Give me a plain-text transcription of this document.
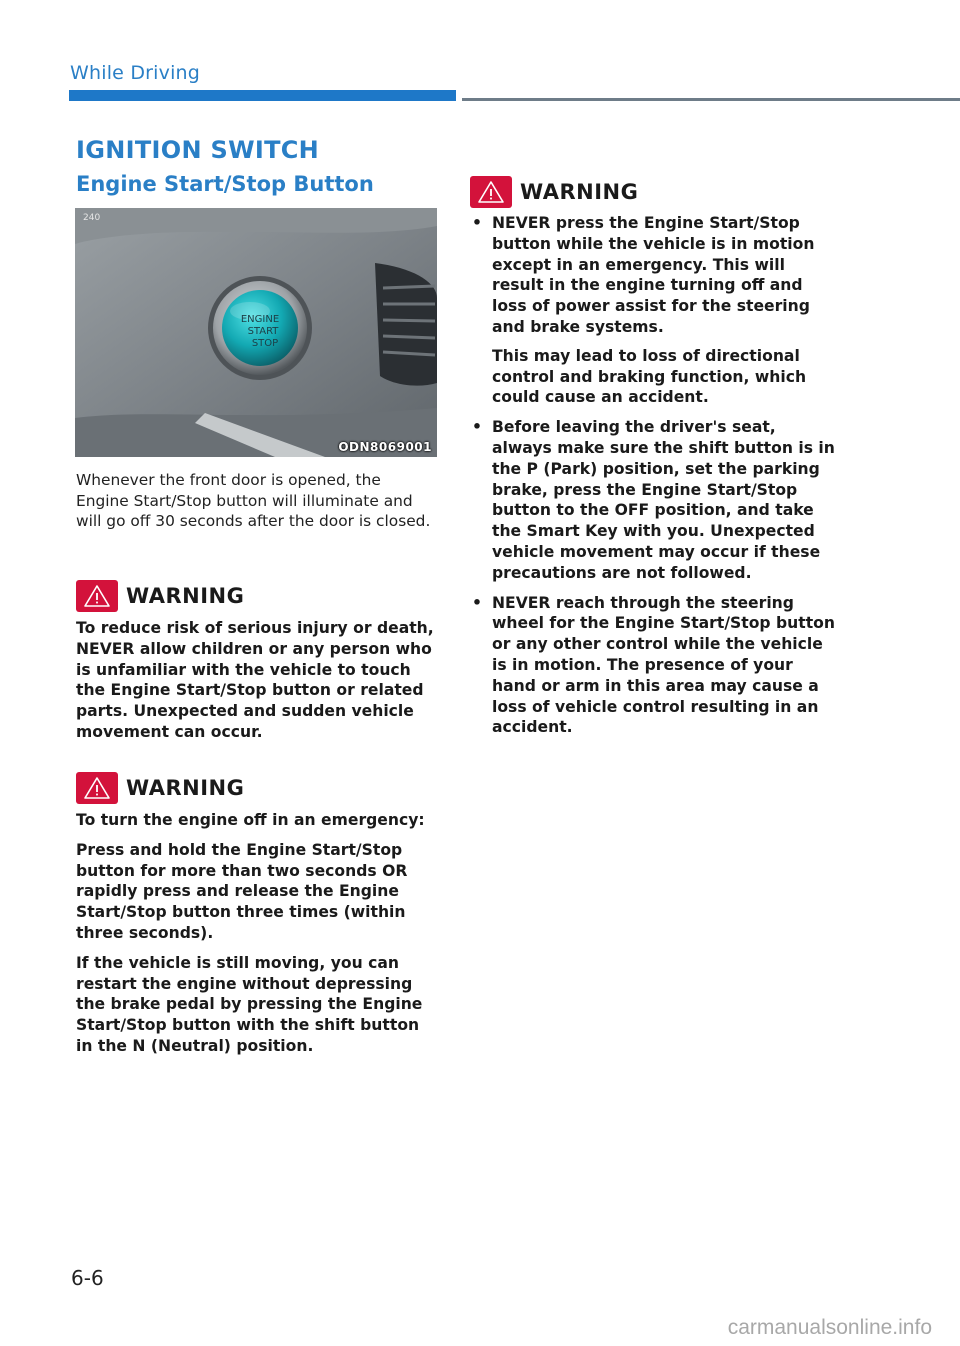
While Driving
IGNITION SWITCH
Engine Start/Stop Button
240
ENGINE
START
STOP
ODN8069001

Whenever the front door is opened, the Engine Start/Stop button will illuminate and will go off 30 seconds after the door is closed.

WARNING

To reduce risk of serious injury or death, NEVER allow children or any person who is unfamiliar with the vehicle to touch the Engine Start/Stop button or related parts. Unexpected and sudden vehicle movement can occur.

WARNING

To turn the engine off in an emergency:

Press and hold the Engine Start/Stop button for more than two seconds OR rapidly press and release the Engine Start/Stop button three times (within three seconds).

If the vehicle is still moving, you can restart the engine without depressing the brake pedal by pressing the Engine Start/Stop button with the shift button in the N (Neutral) position.

WARNING
• NEVER press the Engine Start/Stop button while the vehicle is in motion except in an emergency. This will result in the engine turning off and loss of power assist for the steering and brake systems.
This may lead to loss of directional control and braking function, which could cause an accident.
• Before leaving the driver's seat, always make sure the shift button is in the P (Park) position, set the parking brake, press the Engine Start/Stop button to the OFF position, and take the Smart Key with you. Unexpected vehicle movement may occur if these precautions are not followed.
• NEVER reach through the steering wheel for the Engine Start/Stop button or any other control while the vehicle is in motion. The presence of your hand or arm in this area may cause a loss of vehicle control resulting in an accident.
6-6
carmanualsonline.info
